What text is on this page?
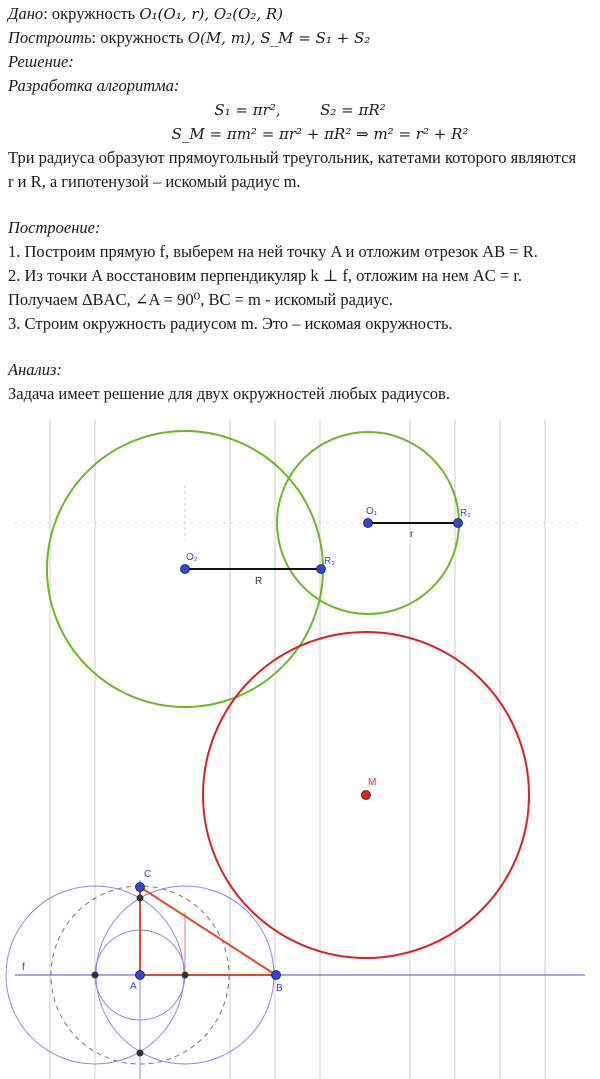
Дано: окружность O₁(O₁, r), O₂(O₂, R)
Построить: окружность O(M, m), S_M = S₁ + S₂
Решение:
Разработка алгоритма:
S₁ = πr²,	S₂ = πR²
S_M = πm² = πr² + πR² ⇒ m² = r² + R²
Три радиуса образуют прямоугольный треугольник, катетами которого являются
r и R, а гипотенузой – искомый радиус m.
Построение:
1. Построим прямую f, выберем на ней точку A и отложим отрезок AB = R.
2. Из точки A восстановим перпендикуляр k ⊥ f, отложим на нем AC = r.
Получаем ΔBAC, ∠A = 90⁰, BC = m - искомый радиус.
3. Строим окружность радиусом m. Это – искомая окружность.
Анализ:
Задача имеет решение для двух окружностей любых радиусов.
r
R
f
O₁	R₁
O₂	R₂
C
A	B
M
